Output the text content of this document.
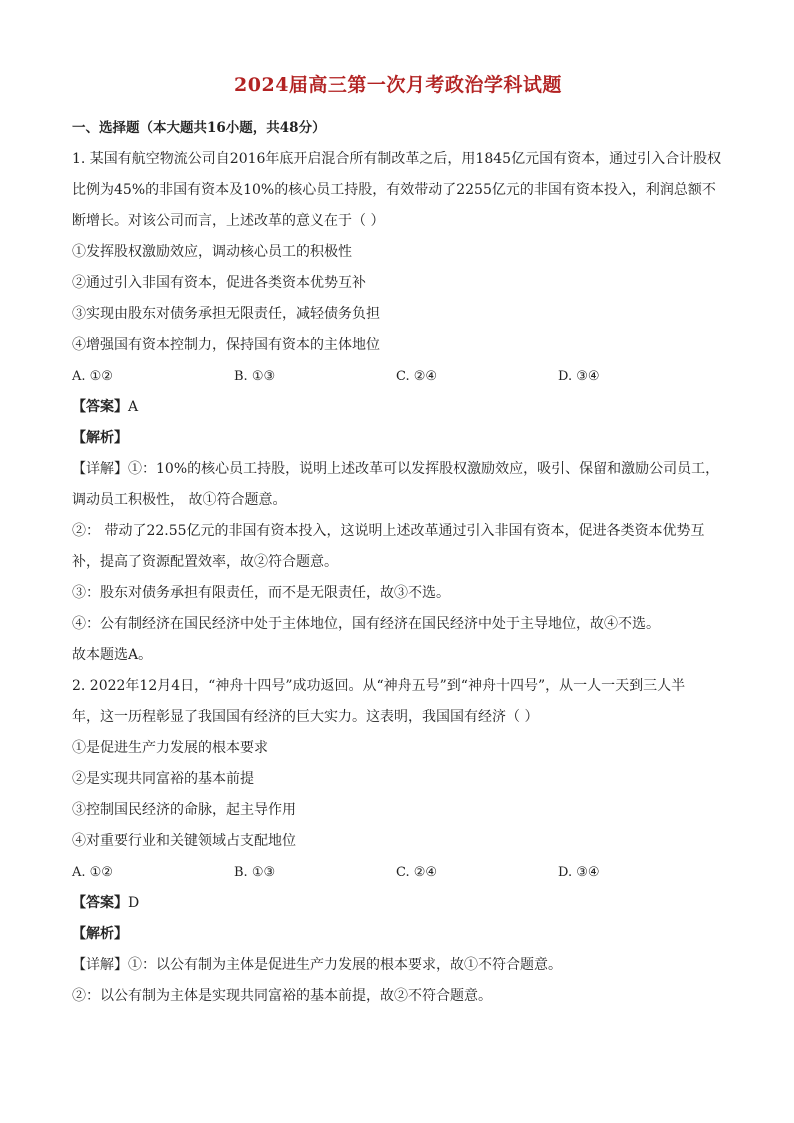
2024届高三第一次月考政治学科试题
一、选择题（本大题共16小题，共48分）
1. 某国有航空物流公司自2016年底开启混合所有制改革之后，用1845亿元国有资本，通过引入合计股权
比例为45%的非国有资本及10%的核心员工持股，有效带动了2255亿元的非国有资本投入，利润总额不
断增长。对该公司而言，上述改革的意义在于（ ）
①发挥股权激励效应，调动核心员工的积极性
②通过引入非国有资本，促进各类资本优势互补
③实现由股东对债务承担无限责任，减轻债务负担
④增强国有资本控制力，保持国有资本的主体地位
A. ①②	B. ①③	C. ②④	D. ③④
【答案】A
【解析】
【详解】①：10%的核心员工持股，说明上述改革可以发挥股权激励效应，吸引、保留和激励公司员工，
调动员工积极性， 故①符合题意。
②： 带动了22.55亿元的非国有资本投入，这说明上述改革通过引入非国有资本，促进各类资本优势互
补，提高了资源配置效率，故②符合题意。
③：股东对债务承担有限责任，而不是无限责任，故③不选。
④：公有制经济在国民经济中处于主体地位，国有经济在国民经济中处于主导地位，故④不选。
故本题选A。
2. 2022年12月4日，“神舟十四号”成功返回。从“神舟五号”到“神舟十四号”，从一人一天到三人半
年，这一历程彰显了我国国有经济的巨大实力。这表明，我国国有经济（ ）
①是促进生产力发展的根本要求
②是实现共同富裕的基本前提
③控制国民经济的命脉，起主导作用
④对重要行业和关键领域占支配地位
A. ①②	B. ①③	C. ②④	D. ③④
【答案】D
【解析】
【详解】①：以公有制为主体是促进生产力发展的根本要求，故①不符合题意。
②：以公有制为主体是实现共同富裕的基本前提，故②不符合题意。
